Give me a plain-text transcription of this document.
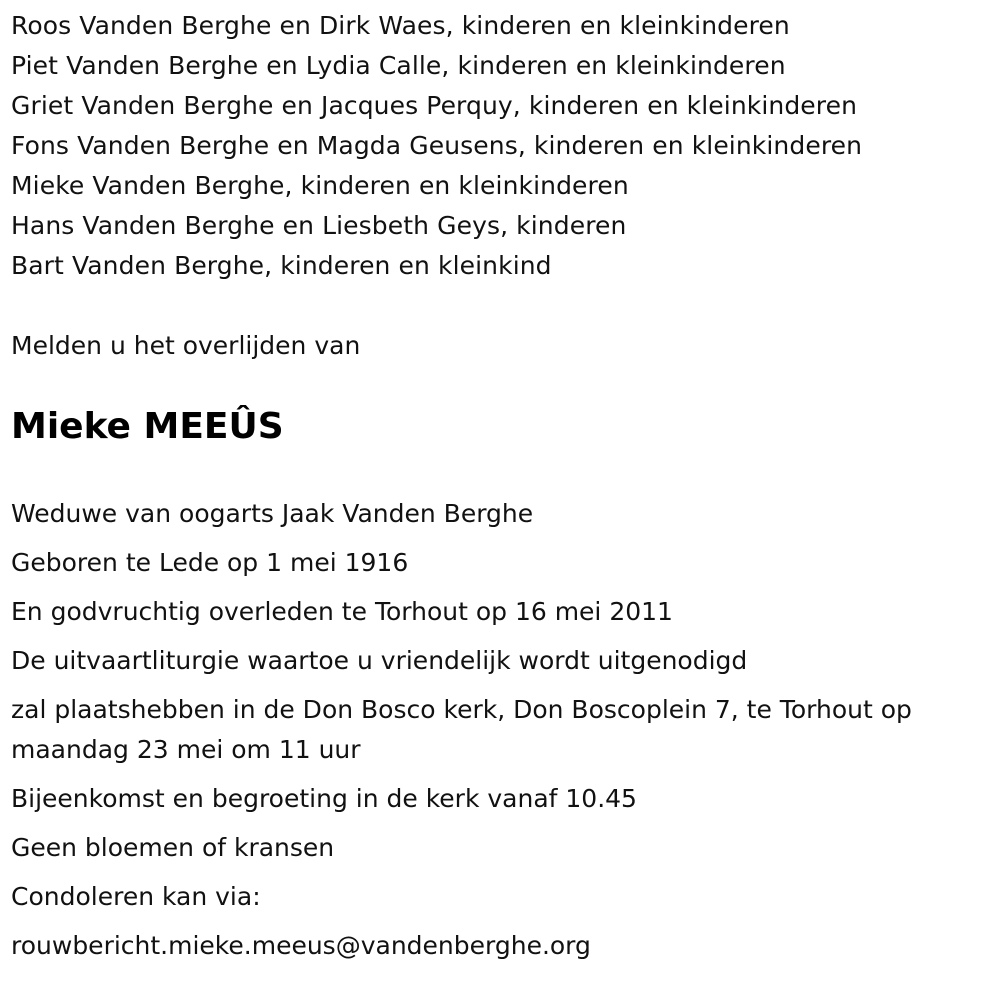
Roos Vanden Berghe en Dirk Waes, kinderen en kleinkinderen
Piet Vanden Berghe en Lydia Calle, kinderen en kleinkinderen
Griet Vanden Berghe en Jacques Perquy, kinderen en kleinkinderen
Fons Vanden Berghe en Magda Geusens, kinderen en kleinkinderen
Mieke Vanden Berghe, kinderen en kleinkinderen
Hans Vanden Berghe en Liesbeth Geys, kinderen
Bart Vanden Berghe, kinderen en kleinkind
Melden u het overlijden van
Mieke MEEÛS
Weduwe van oogarts Jaak Vanden Berghe
Geboren te Lede op 1 mei 1916
En godvruchtig overleden te Torhout op 16 mei 2011
De uitvaartliturgie waartoe u vriendelijk wordt uitgenodigd
zal plaatshebben in de Don Bosco kerk, Don Boscoplein 7, te Torhout op maandag 23 mei om 11 uur
Bijeenkomst en begroeting in de kerk vanaf 10.45
Geen bloemen of kransen
Condoleren kan via:
rouwbericht.mieke.meeus@vandenberghe.org
